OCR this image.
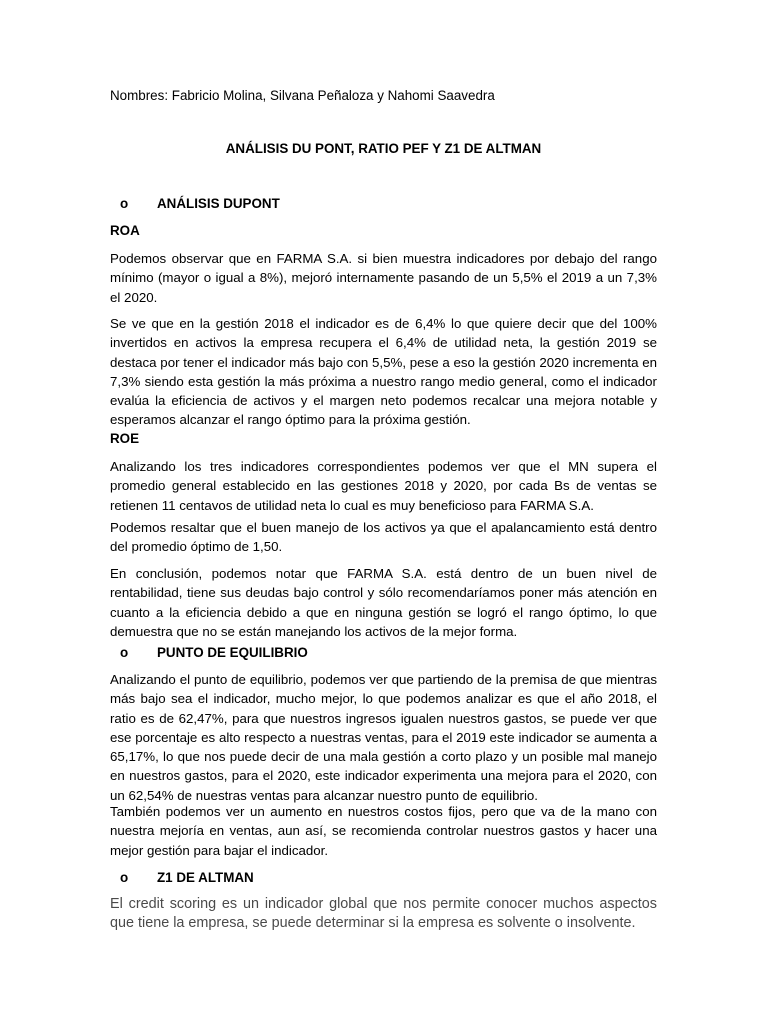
Nombres: Fabricio Molina, Silvana Peñaloza y Nahomi Saavedra
ANÁLISIS DU PONT, RATIO PEF Y Z1 DE ALTMAN
o ANÁLISIS DUPONT
ROA

Podemos observar que en FARMA S.A. si bien muestra indicadores por debajo del rango mínimo (mayor o igual a 8%), mejoró internamente pasando de un 5,5% el 2019 a un 7,3% el 2020.

Se ve que en la gestión 2018 el indicador es de 6,4% lo que quiere decir que del 100% invertidos en activos la empresa recupera el 6,4% de utilidad neta, la gestión 2019 se destaca por tener el indicador más bajo con 5,5%, pese a eso la gestión 2020 incrementa en 7,3% siendo esta gestión la más próxima a nuestro rango medio general, como el indicador evalúa la eficiencia de activos y el margen neto podemos recalcar una mejora notable y esperamos alcanzar el rango óptimo para la próxima gestión.

ROE

Analizando los tres indicadores correspondientes podemos ver que el MN supera el promedio general establecido en las gestiones 2018 y 2020, por cada Bs de ventas se retienen 11 centavos de utilidad neta lo cual es muy beneficioso para FARMA S.A.

Podemos resaltar que el buen manejo de los activos ya que el apalancamiento está dentro del promedio óptimo de 1,50.

En conclusión, podemos notar que FARMA S.A. está dentro de un buen nivel de rentabilidad, tiene sus deudas bajo control y sólo recomendaríamos poner más atención en cuanto a la eficiencia debido a que en ninguna gestión se logró el rango óptimo, lo que demuestra que no se están manejando los activos de la mejor forma.

o PUNTO DE EQUILIBRIO

Analizando el punto de equilibrio, podemos ver que partiendo de la premisa de que mientras más bajo sea el indicador, mucho mejor, lo que podemos analizar es que el año 2018, el ratio es de 62,47%, para que nuestros ingresos igualen nuestros gastos, se puede ver que ese porcentaje es alto respecto a nuestras ventas, para el 2019 este indicador se aumenta a 65,17%, lo que nos puede decir de una mala gestión a corto plazo y un posible mal manejo en nuestros gastos, para el 2020, este indicador experimenta una mejora para el 2020, con un 62,54% de nuestras ventas para alcanzar nuestro punto de equilibrio.

También podemos ver un aumento en nuestros costos fijos, pero que va de la mano con nuestra mejoría en ventas, aun así, se recomienda controlar nuestros gastos y hacer una mejor gestión para bajar el indicador.

o Z1 DE ALTMAN

El credit scoring es un indicador global que nos permite conocer muchos aspectos que tiene la empresa, se puede determinar si la empresa es solvente o insolvente.
